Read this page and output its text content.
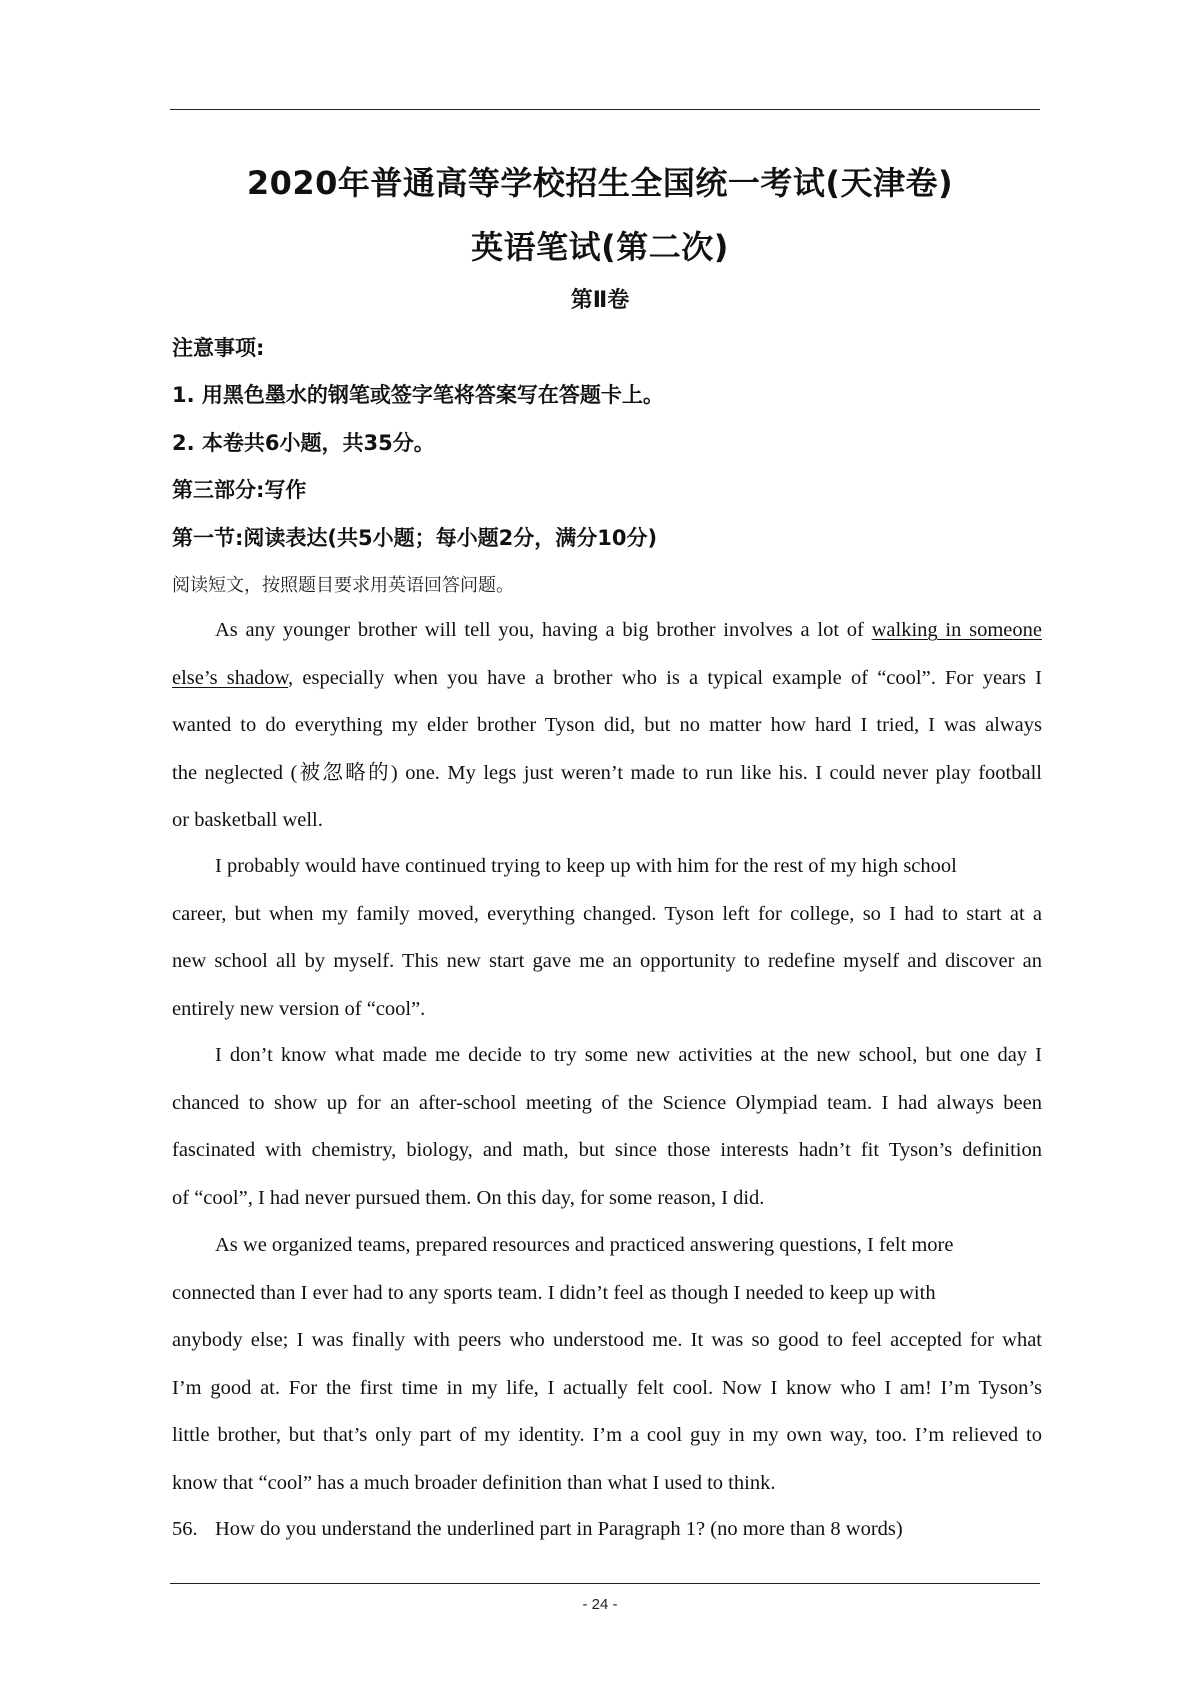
2020年普通高等学校招生全国统一考试(天津卷)
英语笔试(第二次)
第Ⅱ卷
注意事项:
1. 用黑色墨水的钢笔或签字笔将答案写在答题卡上。
2. 本卷共6小题，共35分。
第三部分:写作
第一节:阅读表达(共5小题；每小题2分，满分10分)
阅读短文，按照题目要求用英语回答问题。
As any younger brother will tell you, having a big brother involves a lot of walking in someone
else’s shadow, especially when you have a brother who is a typical example of “cool”. For years I
wanted to do everything my elder brother Tyson did, but no matter how hard I tried, I was always
the neglected (被忽略的) one. My legs just weren’t made to run like his. I could never play football
or basketball well.
I probably would have continued trying to keep up with him for the rest of my high school
career, but when my family moved, everything changed. Tyson left for college, so I had to start at a
new school all by myself. This new start gave me an opportunity to redefine myself and discover an
entirely new version of “cool”.
I don’t know what made me decide to try some new activities at the new school, but one day I
chanced to show up for an after-school meeting of the Science Olympiad team. I had always been
fascinated with chemistry, biology, and math, but since those interests hadn’t fit Tyson’s definition
of “cool”, I had never pursued them. On this day, for some reason, I did.
As we organized teams, prepared resources and practiced answering questions, I felt more
connected than I ever had to any sports team. I didn’t feel as though I needed to keep up with
anybody else; I was finally with peers who understood me. It was so good to feel accepted for what
I’m good at. For the first time in my life, I actually felt cool. Now I know who I am! I’m Tyson’s
little brother, but that’s only part of my identity. I’m a cool guy in my own way, too. I’m relieved to
know that “cool” has a much broader definition than what I used to think.
56. How do you understand the underlined part in Paragraph 1? (no more than 8 words)
- 24 -
